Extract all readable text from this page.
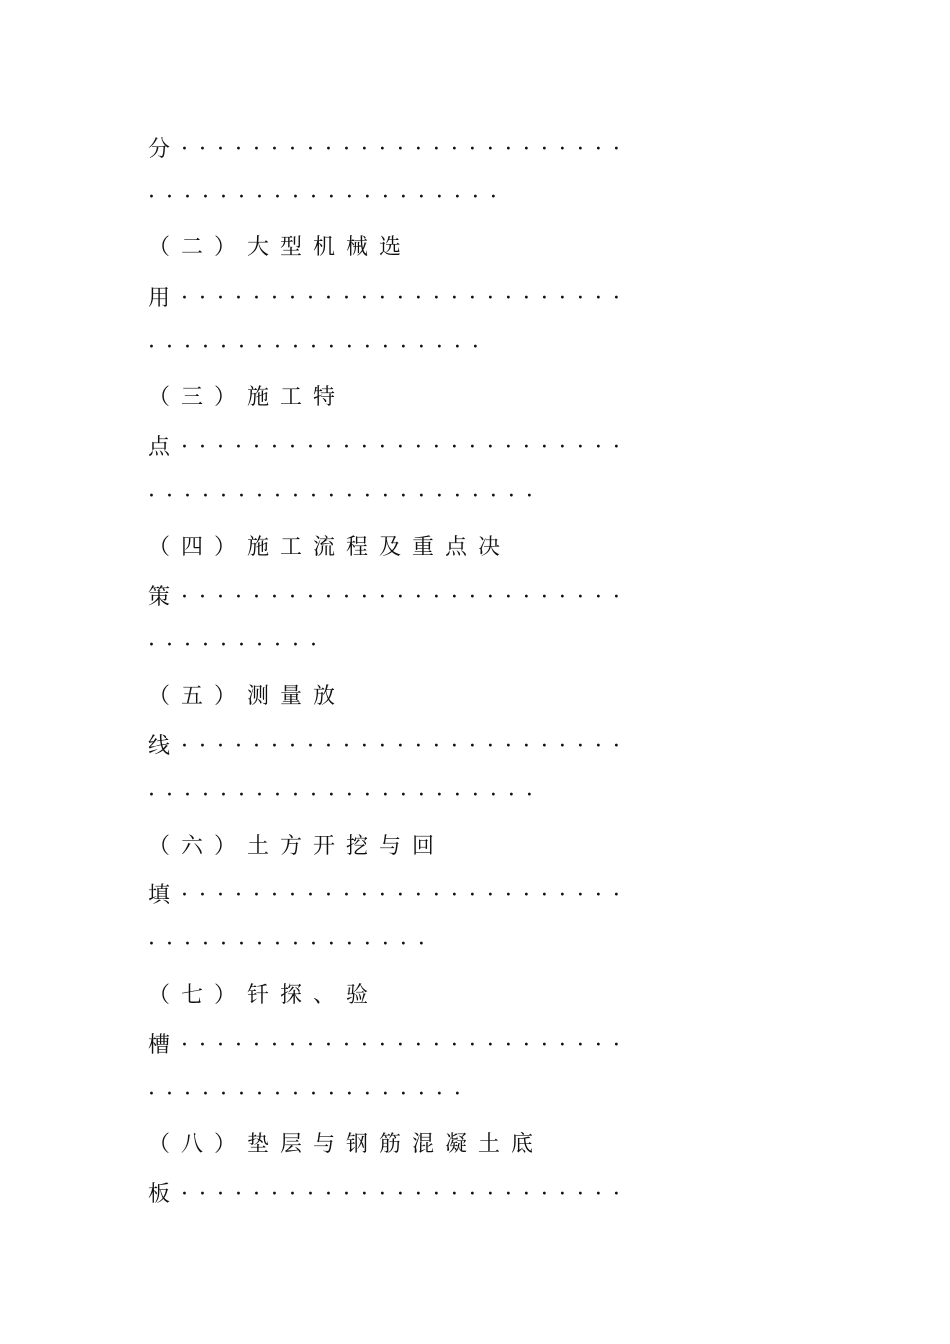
分·························
····················
（二）大型机械选
用·························
···················
（三）施工特
点·························
······················
（四）施工流程及重点决
策·························
··········
（五）测量放
线·························
······················
（六）土方开挖与回
填·························
················
（七）钎探、验
槽·························
··················
（八）垫层与钢筋混凝土底
板·························
